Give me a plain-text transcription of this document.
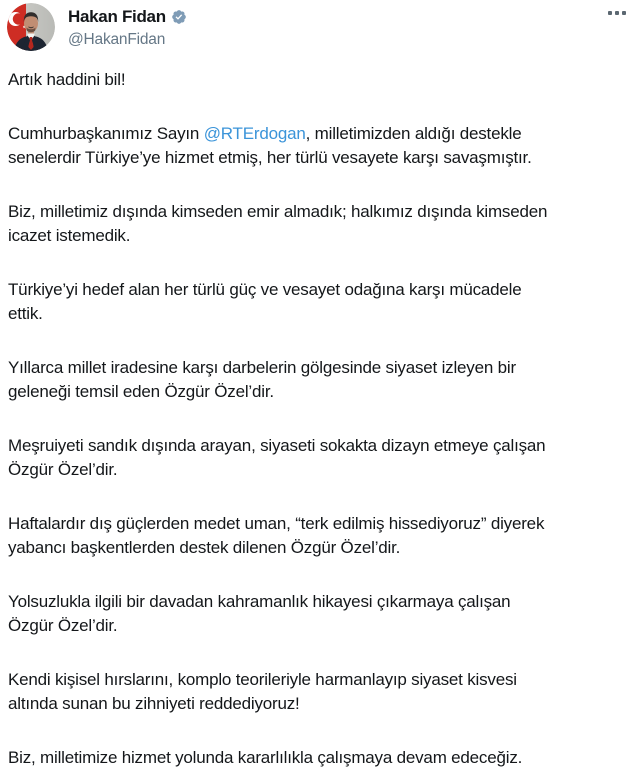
Hakan Fidan
@HakanFidan

Artık haddini bil!

Cumhurbaşkanımız Sayın @RTErdogan, milletimizden aldığı destekle
senelerdir Türkiye’ye hizmet etmiş, her türlü vesayete karşı savaşmıştır.

Biz, milletimiz dışında kimseden emir almadık; halkımız dışında kimseden
icazet istemedik.

Türkiye’yi hedef alan her türlü güç ve vesayet odağına karşı mücadele
ettik.

Yıllarca millet iradesine karşı darbelerin gölgesinde siyaset izleyen bir
geleneği temsil eden Özgür Özel’dir.

Meşruiyeti sandık dışında arayan, siyaseti sokakta dizayn etmeye çalışan
Özgür Özel’dir.

Haftalardır dış güçlerden medet uman, “terk edilmiş hissediyoruz” diyerek
yabancı başkentlerden destek dilenen Özgür Özel’dir.

Yolsuzlukla ilgili bir davadan kahramanlık hikayesi çıkarmaya çalışan
Özgür Özel’dir.

Kendi kişisel hırslarını, komplo teorileriyle harmanlayıp siyaset kisvesi
altında sunan bu zihniyeti reddediyoruz!

Biz, milletimize hizmet yolunda kararlılıkla çalışmaya devam edeceğiz.
